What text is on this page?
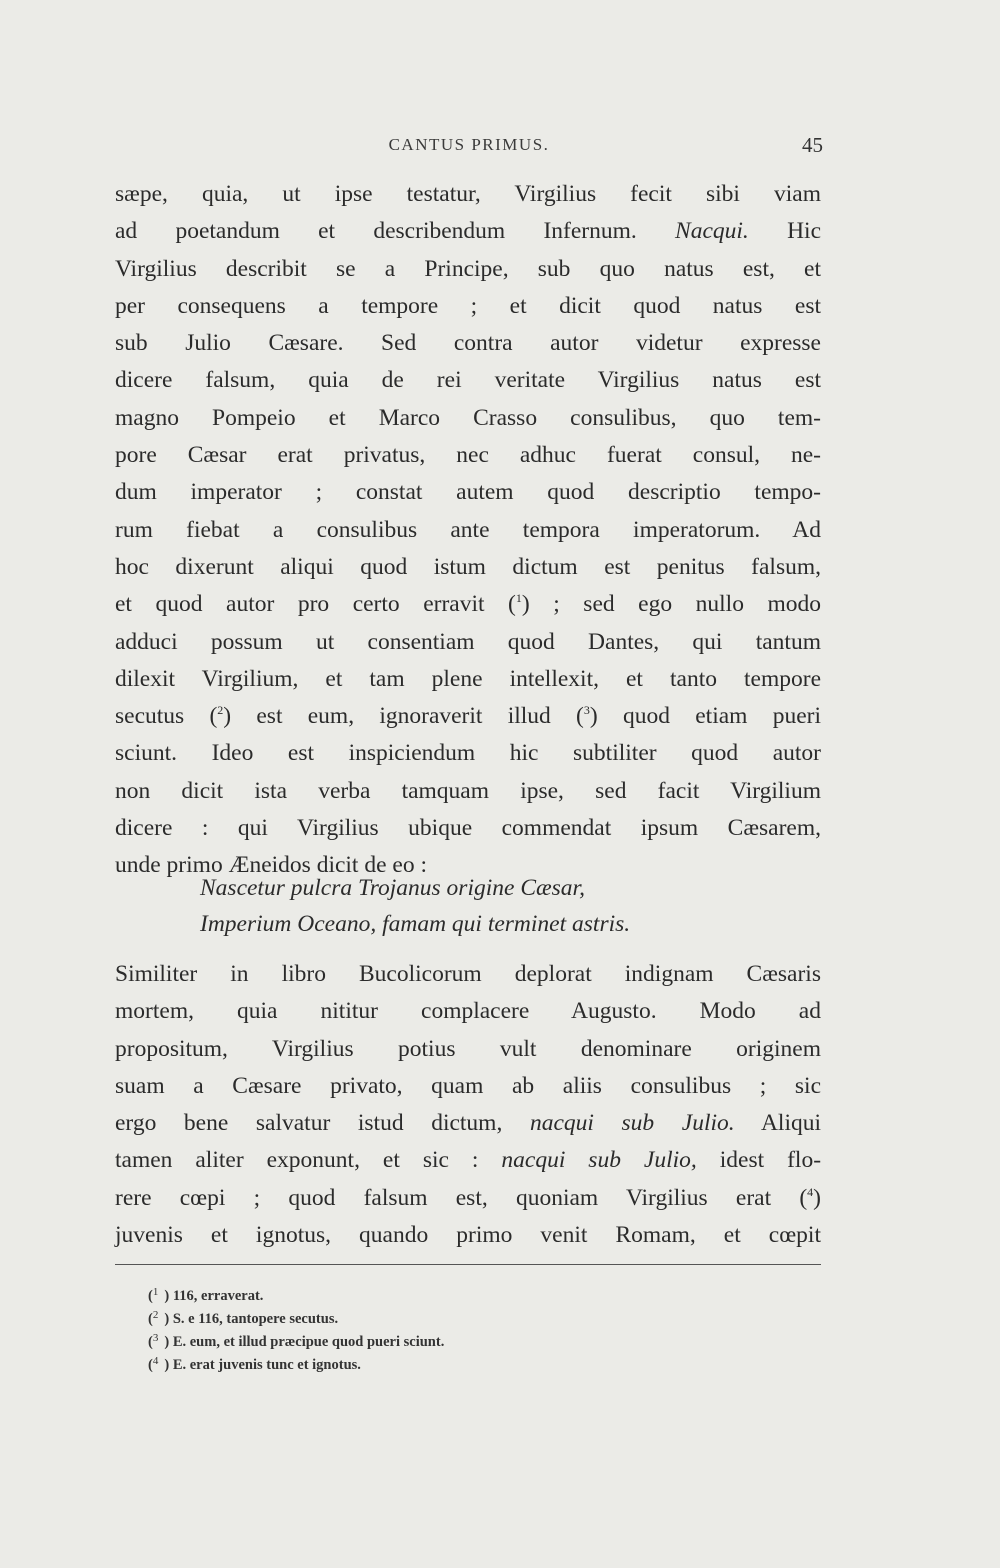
CANTUS PRIMUS.	45
sæpe, quia, ut ipse testatur, Virgilius fecit sibi viam
ad poetandum et describendum Infernum. Nacqui. Hic
Virgilius describit se a Principe, sub quo natus est, et
per consequens a tempore ; et dicit quod natus est
sub Julio Cæsare. Sed contra autor videtur expresse
dicere falsum, quia de rei veritate Virgilius natus est
magno Pompeio et Marco Crasso consulibus, quo tem-
pore Cæsar erat privatus, nec adhuc fuerat consul, ne-
dum imperator ; constat autem quod descriptio tempo-
rum fiebat a consulibus ante tempora imperatorum. Ad
hoc dixerunt aliqui quod istum dictum est penitus falsum,
et quod autor pro certo erravit ($^1$) ; sed ego nullo modo
adduci possum ut consentiam quod Dantes, qui tantum
dilexit Virgilium, et tam plene intellexit, et tanto tempore
secutus ($^2$) est eum, ignoraverit illud ($^3$) quod etiam pueri
sciunt. Ideo est inspiciendum hic subtiliter quod autor
non dicit ista verba tamquam ipse, sed facit Virgilium
dicere : qui Virgilius ubique commendat ipsum Cæsarem,
unde primo Æneidos dicit de eo :
Nascetur pulcra Trojanus origine Cæsar,
Imperium Oceano, famam qui terminet astris.
Similiter in libro Bucolicorum deplorat indignam Cæsaris
mortem, quia nititur complacere Augusto. Modo ad
propositum, Virgilius potius vult denominare originem
suam a Cæsare privato, quam ab aliis consulibus ; sic
ergo bene salvatur istud dictum, nacqui sub Julio. Aliqui
tamen aliter exponunt, et sic : nacqui sub Julio, idest flo-
rere cœpi ; quod falsum est, quoniam Virgilius erat ($^4$)
juvenis et ignotus, quando primo venit Romam, et cœpit
($^1$ ) 116, erraverat.
($^2$ ) S. e 116, tantopere secutus.
($^3$ ) E. eum, et illud præcipue quod pueri sciunt.
($^4$ ) E. erat juvenis tunc et ignotus.
